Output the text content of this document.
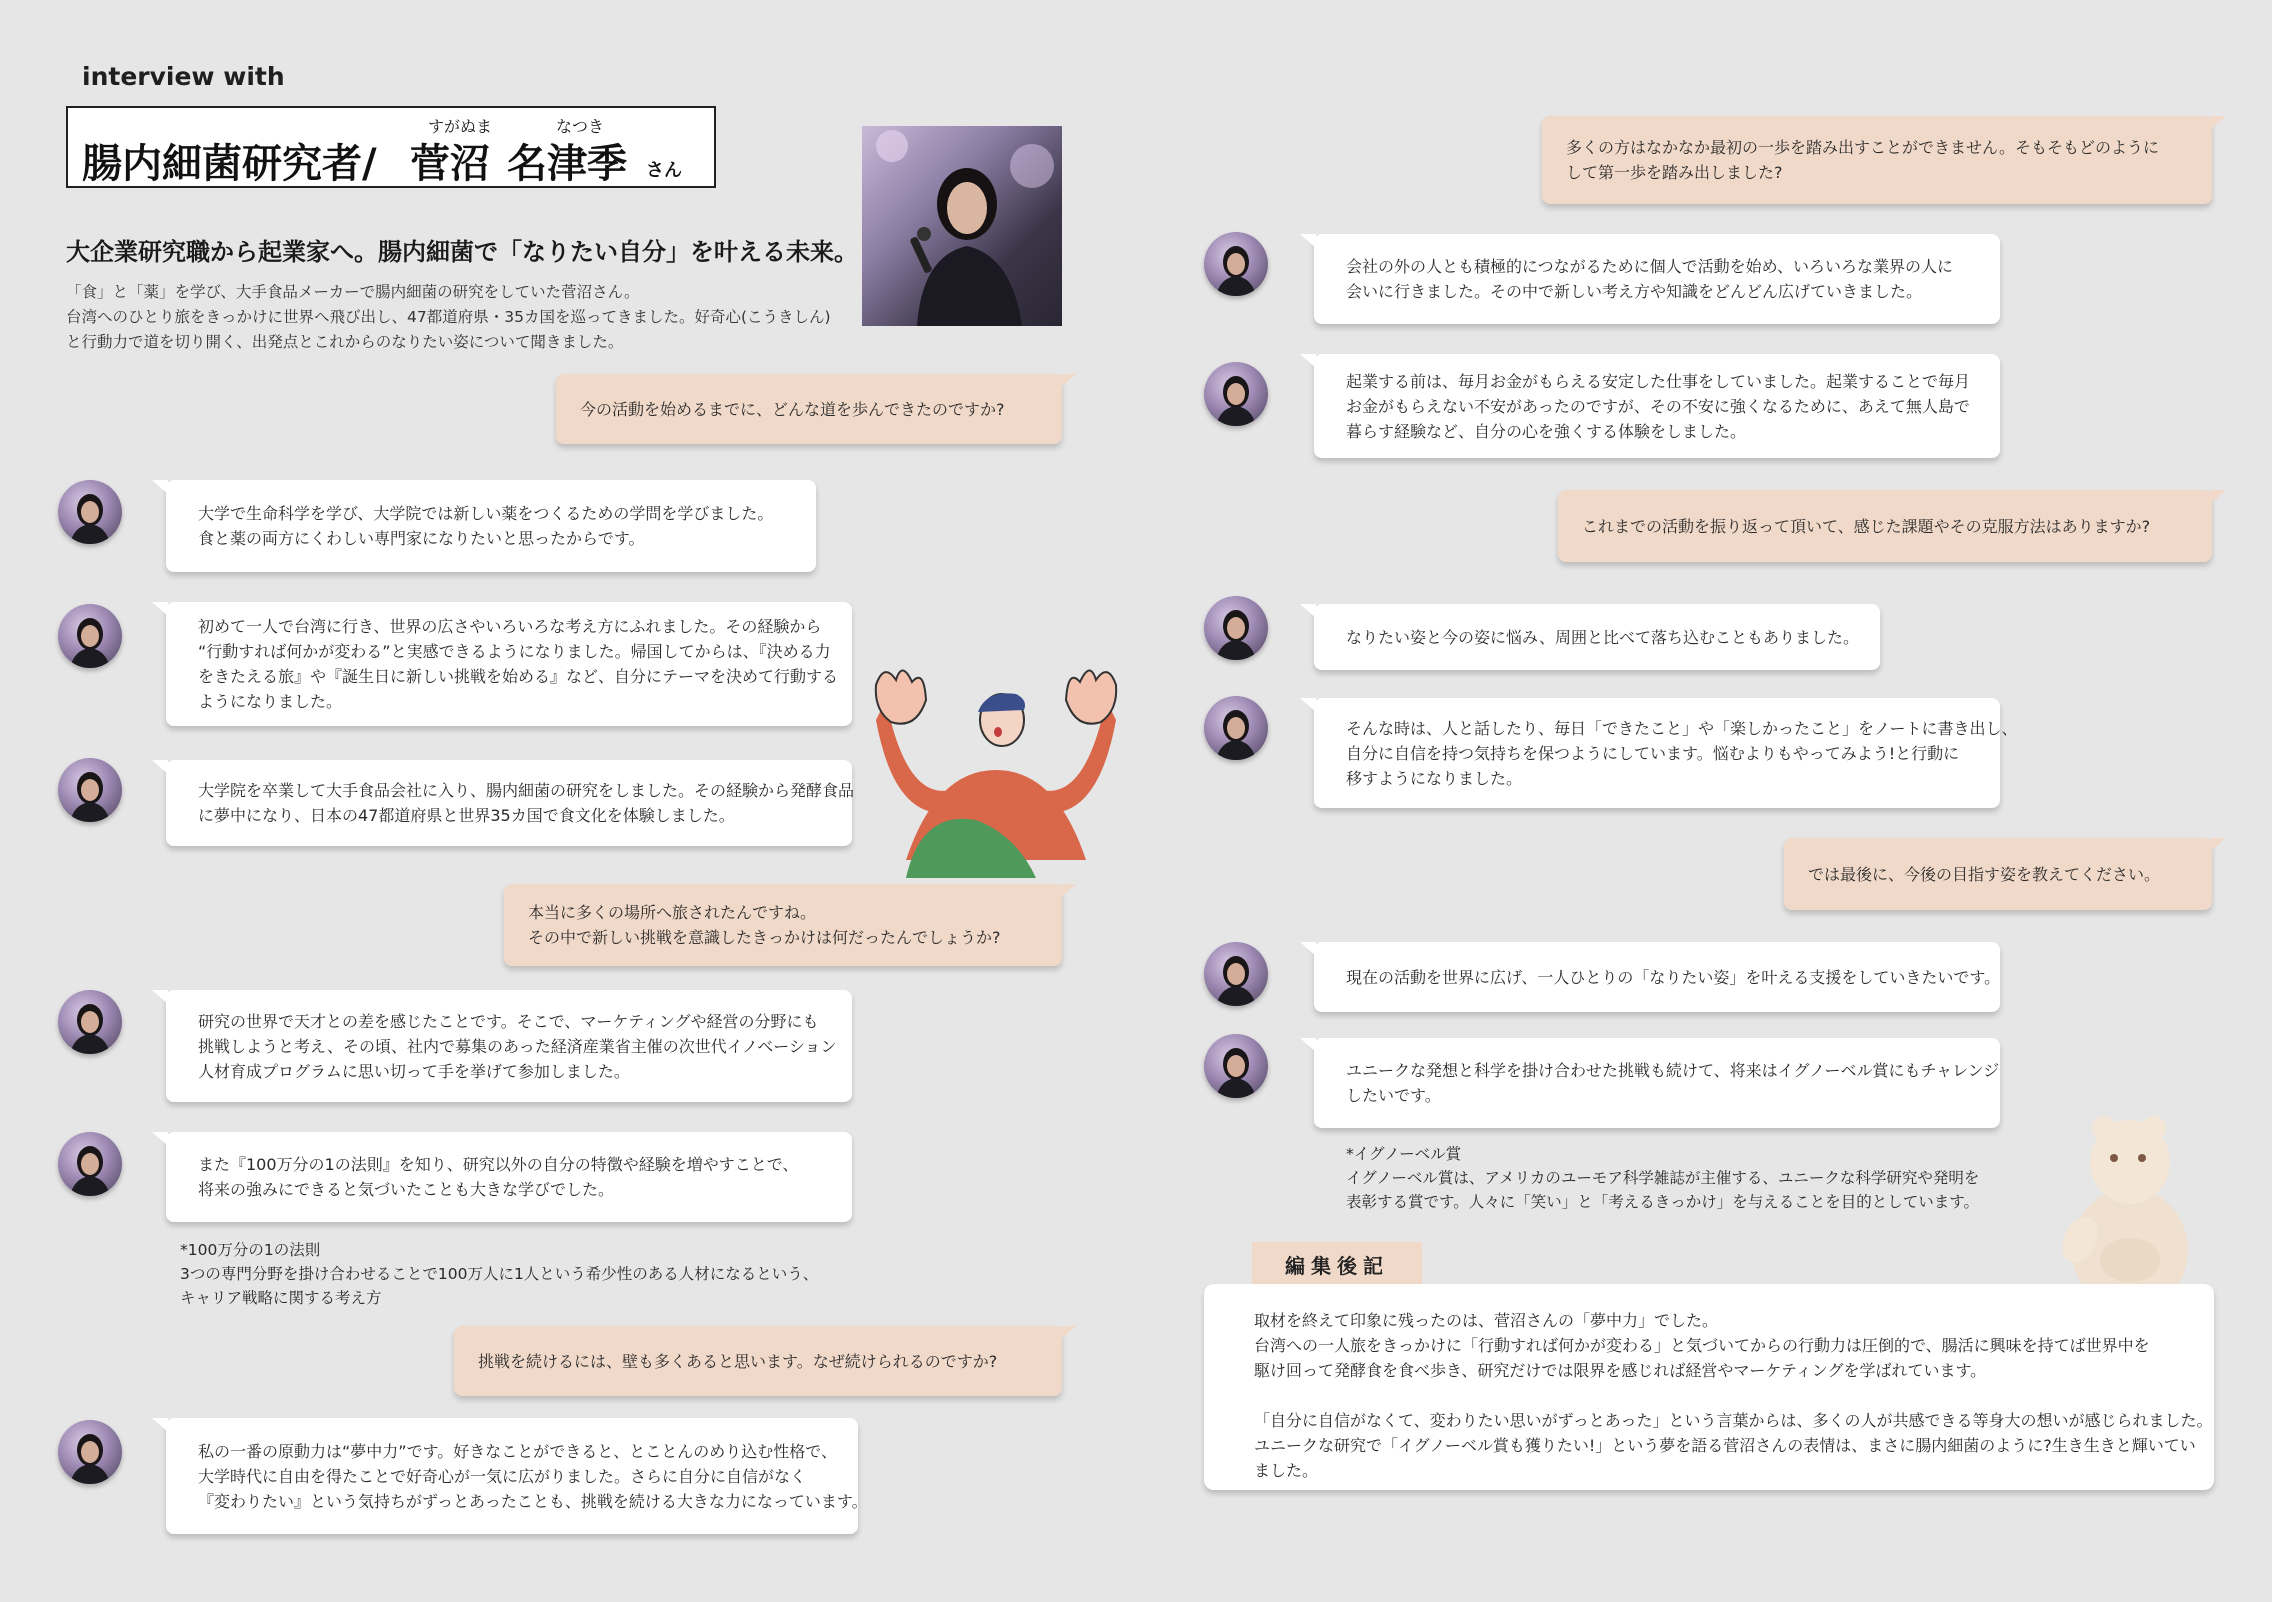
interview with
腸内細菌研究者/
すがぬま
菅沼
なつき
名津季 さん
大企業研究職から起業家へ。腸内細菌で「なりたい自分」を叶える未来。
「食」と「薬」を学び、大手食品メーカーで腸内細菌の研究をしていた菅沼さん。
台湾へのひとり旅をきっかけに世界へ飛び出し、47都道府県・35カ国を巡ってきました。好奇心(こうきしん)
と行動力で道を切り開く、出発点とこれからのなりたい姿について聞きました。
今の活動を始めるまでに、どんな道を歩んできたのですか?
大学で生命科学を学び、大学院では新しい薬をつくるための学問を学びました。
食と薬の両方にくわしい専門家になりたいと思ったからです。
初めて一人で台湾に行き、世界の広さやいろいろな考え方にふれました。その経験から
“行動すれば何かが変わる”と実感できるようになりました。帰国してからは、『決める力
をきたえる旅』や『誕生日に新しい挑戦を始める』など、自分にテーマを決めて行動する
ようになりました。
大学院を卒業して大手食品会社に入り、腸内細菌の研究をしました。その経験から発酵食品
に夢中になり、日本の47都道府県と世界35カ国で食文化を体験しました。
本当に多くの場所へ旅されたんですね。
その中で新しい挑戦を意識したきっかけは何だったんでしょうか?
研究の世界で天才との差を感じたことです。そこで、マーケティングや経営の分野にも
挑戦しようと考え、その頃、社内で募集のあった経済産業省主催の次世代イノベーション
人材育成プログラムに思い切って手を挙げて参加しました。
また『100万分の1の法則』を知り、研究以外の自分の特徴や経験を増やすことで、
将来の強みにできると気づいたことも大きな学びでした。
*100万分の1の法則
3つの専門分野を掛け合わせることで100万人に1人という希少性のある人材になるという、
キャリア戦略に関する考え方
挑戦を続けるには、壁も多くあると思います。なぜ続けられるのですか?
私の一番の原動力は“夢中力”です。好きなことができると、とことんのめり込む性格で、
大学時代に自由を得たことで好奇心が一気に広がりました。さらに自分に自信がなく
『変わりたい』という気持ちがずっとあったことも、挑戦を続ける大きな力になっています。
多くの方はなかなか最初の一歩を踏み出すことができません。そもそもどのように
して第一歩を踏み出しました?
会社の外の人とも積極的につながるために個人で活動を始め、いろいろな業界の人に
会いに行きました。その中で新しい考え方や知識をどんどん広げていきました。
起業する前は、毎月お金がもらえる安定した仕事をしていました。起業することで毎月
お金がもらえない不安があったのですが、その不安に強くなるために、あえて無人島で
暮らす経験など、自分の心を強くする体験をしました。
これまでの活動を振り返って頂いて、感じた課題やその克服方法はありますか?
なりたい姿と今の姿に悩み、周囲と比べて落ち込むこともありました。
そんな時は、人と話したり、毎日「できたこと」や「楽しかったこと」をノートに書き出し、
自分に自信を持つ気持ちを保つようにしています。悩むよりもやってみよう!と行動に
移すようになりました。
では最後に、今後の目指す姿を教えてください。
現在の活動を世界に広げ、一人ひとりの「なりたい姿」を叶える支援をしていきたいです。
ユニークな発想と科学を掛け合わせた挑戦も続けて、将来はイグノーベル賞にもチャレンジ
したいです。
*イグノーベル賞
イグノーベル賞は、アメリカのユーモア科学雑誌が主催する、ユニークな科学研究や発明を
表彰する賞です。人々に「笑い」と「考えるきっかけ」を与えることを目的としています。
編集後記
取材を終えて印象に残ったのは、菅沼さんの「夢中力」でした。
台湾への一人旅をきっかけに「行動すれば何かが変わる」と気づいてからの行動力は圧倒的で、腸活に興味を持てば世界中を
駆け回って発酵食を食べ歩き、研究だけでは限界を感じれば経営やマーケティングを学ばれています。
「自分に自信がなくて、変わりたい思いがずっとあった」という言葉からは、多くの人が共感できる等身大の想いが感じられました。
ユニークな研究で「イグノーベル賞も獲りたい!」という夢を語る菅沼さんの表情は、まさに腸内細菌のように?生き生きと輝いてい
ました。
